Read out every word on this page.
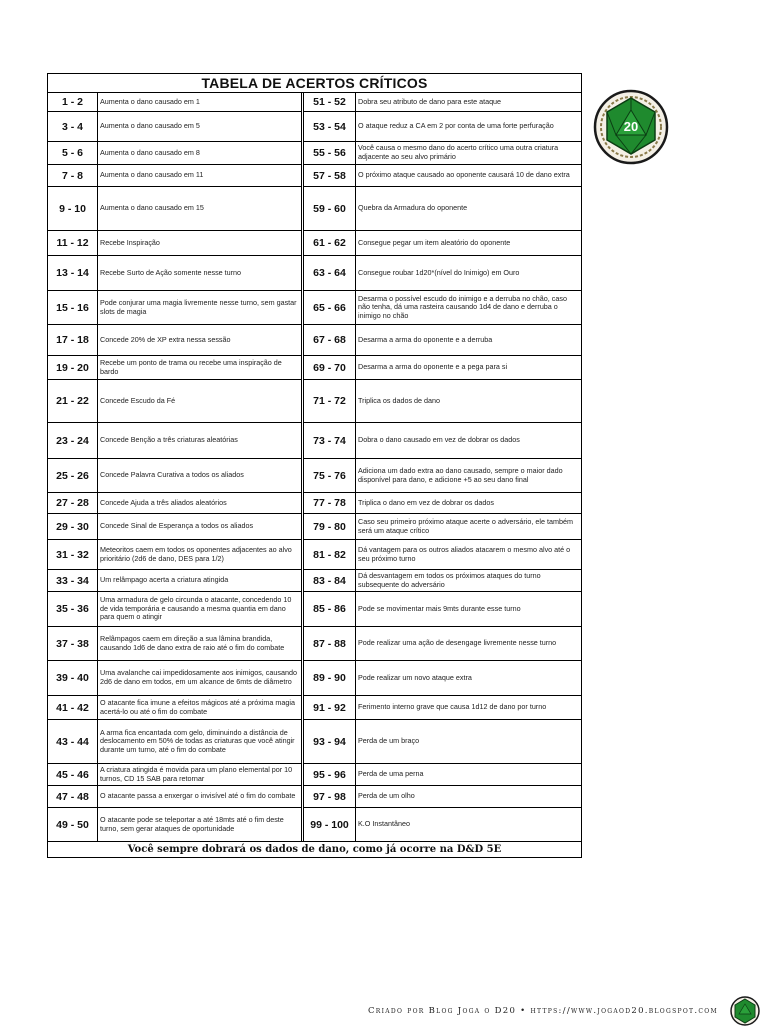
TABELA DE ACERTOS CRÍTICOS				
1 - 2	Aumenta o dano causado em 1		51 - 52	Dobra seu atributo de dano para este ataque
3 - 4	Aumenta o dano causado em 5		53 - 54	O ataque reduz a CA em 2 por conta de uma forte perfuração
5 - 6	Aumenta o dano causado em 8		55 - 56	Você causa o mesmo dano do acerto crítico uma outra criatura adjacente ao seu alvo primário
7 - 8	Aumenta o dano causado em 11		57 - 58	O próximo ataque causado ao oponente causará 10 de dano extra
9 - 10	Aumenta o dano causado em 15		59 - 60	Quebra da Armadura do oponente
11 - 12	Recebe Inspiração		61 - 62	Consegue pegar um item aleatório do oponente
13 - 14	Recebe Surto de Ação somente nesse turno		63 - 64	Consegue roubar 1d20*(nível do Inimigo) em Ouro
15 - 16	Pode conjurar uma magia livremente nesse turno, sem gastar slots de magia		65 - 66	Desarma o possível escudo do inimigo e a derruba no chão, caso não tenha, dá uma rasteira causando 1d4 de dano e derruba o inimigo no chão
17 - 18	Concede 20% de XP extra nessa sessão		67 - 68	Desarma a arma do oponente e a derruba
19 - 20	Recebe um ponto de trama ou recebe uma inspiração de bardo		69 - 70	Desarma a arma do oponente e a pega para si
21 - 22	Concede Escudo da Fé		71 - 72	Triplica os dados de dano
23 - 24	Concede Benção a três criaturas aleatórias		73 - 74	Dobra o dano causado em vez de dobrar os dados
25 - 26	Concede Palavra Curativa a todos os aliados		75 - 76	Adiciona um dado extra ao dano causado, sempre o maior dado disponível para dano, e adicione +5 ao seu dano final
27 - 28	Concede Ajuda a três aliados aleatórios		77 - 78	Triplica o dano em vez de dobrar os dados
29 - 30	Concede Sinal de Esperança a todos os aliados		79 - 80	Caso seu primeiro próximo ataque acerte o adversário, ele também será um ataque crítico
31 - 32	Meteoritos caem em todos os oponentes adjacentes ao alvo prioritário (2d6 de dano, DES para 1/2)		81 - 82	Dá vantagem para os outros aliados atacarem o mesmo alvo até o seu próximo turno
33 - 34	Um relâmpago acerta a criatura atingida		83 - 84	Dá desvantagem em todos os próximos ataques do turno subsequente do adversário
35 - 36	Uma armadura de gelo circunda o atacante, concedendo 10 de vida temporária e causando a mesma quantia em dano para quem o atingir		85 - 86	Pode se movimentar mais 9mts durante esse turno
37 - 38	Relâmpagos caem em direção a sua lâmina brandida, causando 1d6 de dano extra de raio até o fim do combate		87 - 88	Pode realizar uma ação de desengage livremente nesse turno
39 - 40	Uma avalanche cai impedidosamente aos inimigos, causando 2d6 de dano em todos, em um alcance de 6mts de diâmetro		89 - 90	Pode realizar um novo ataque extra
41 - 42	O atacante fica imune a efeitos mágicos até a próxima magia acertá-lo ou até o fim do combate		91 - 92	Ferimento interno grave que causa 1d12 de dano por turno
43 - 44	A arma fica encantada com gelo, diminuindo a distância de deslocamento em 50% de todas as criaturas que você atingir durante um turno, até o fim do combate		93 - 94	Perda de um braço
45 - 46	A criatura atingida é movida para um plano elemental por 10 turnos, CD 15 SAB para retornar		95 - 96	Perda de uma perna
47 - 48	O atacante passa a enxergar o invisível até o fim do combate		97 - 98	Perda de um olho
49 - 50	O atacante pode se teleportar a até 18mts até o fim deste turno, sem gerar ataques de oportunidade		99 - 100	K.O Instantâneo
Você sempre dobrará os dados de dano, como já ocorre na D&D 5E				
20
Criado por Blog Joga o D20 • https://www.jogaod20.blogspot.com
